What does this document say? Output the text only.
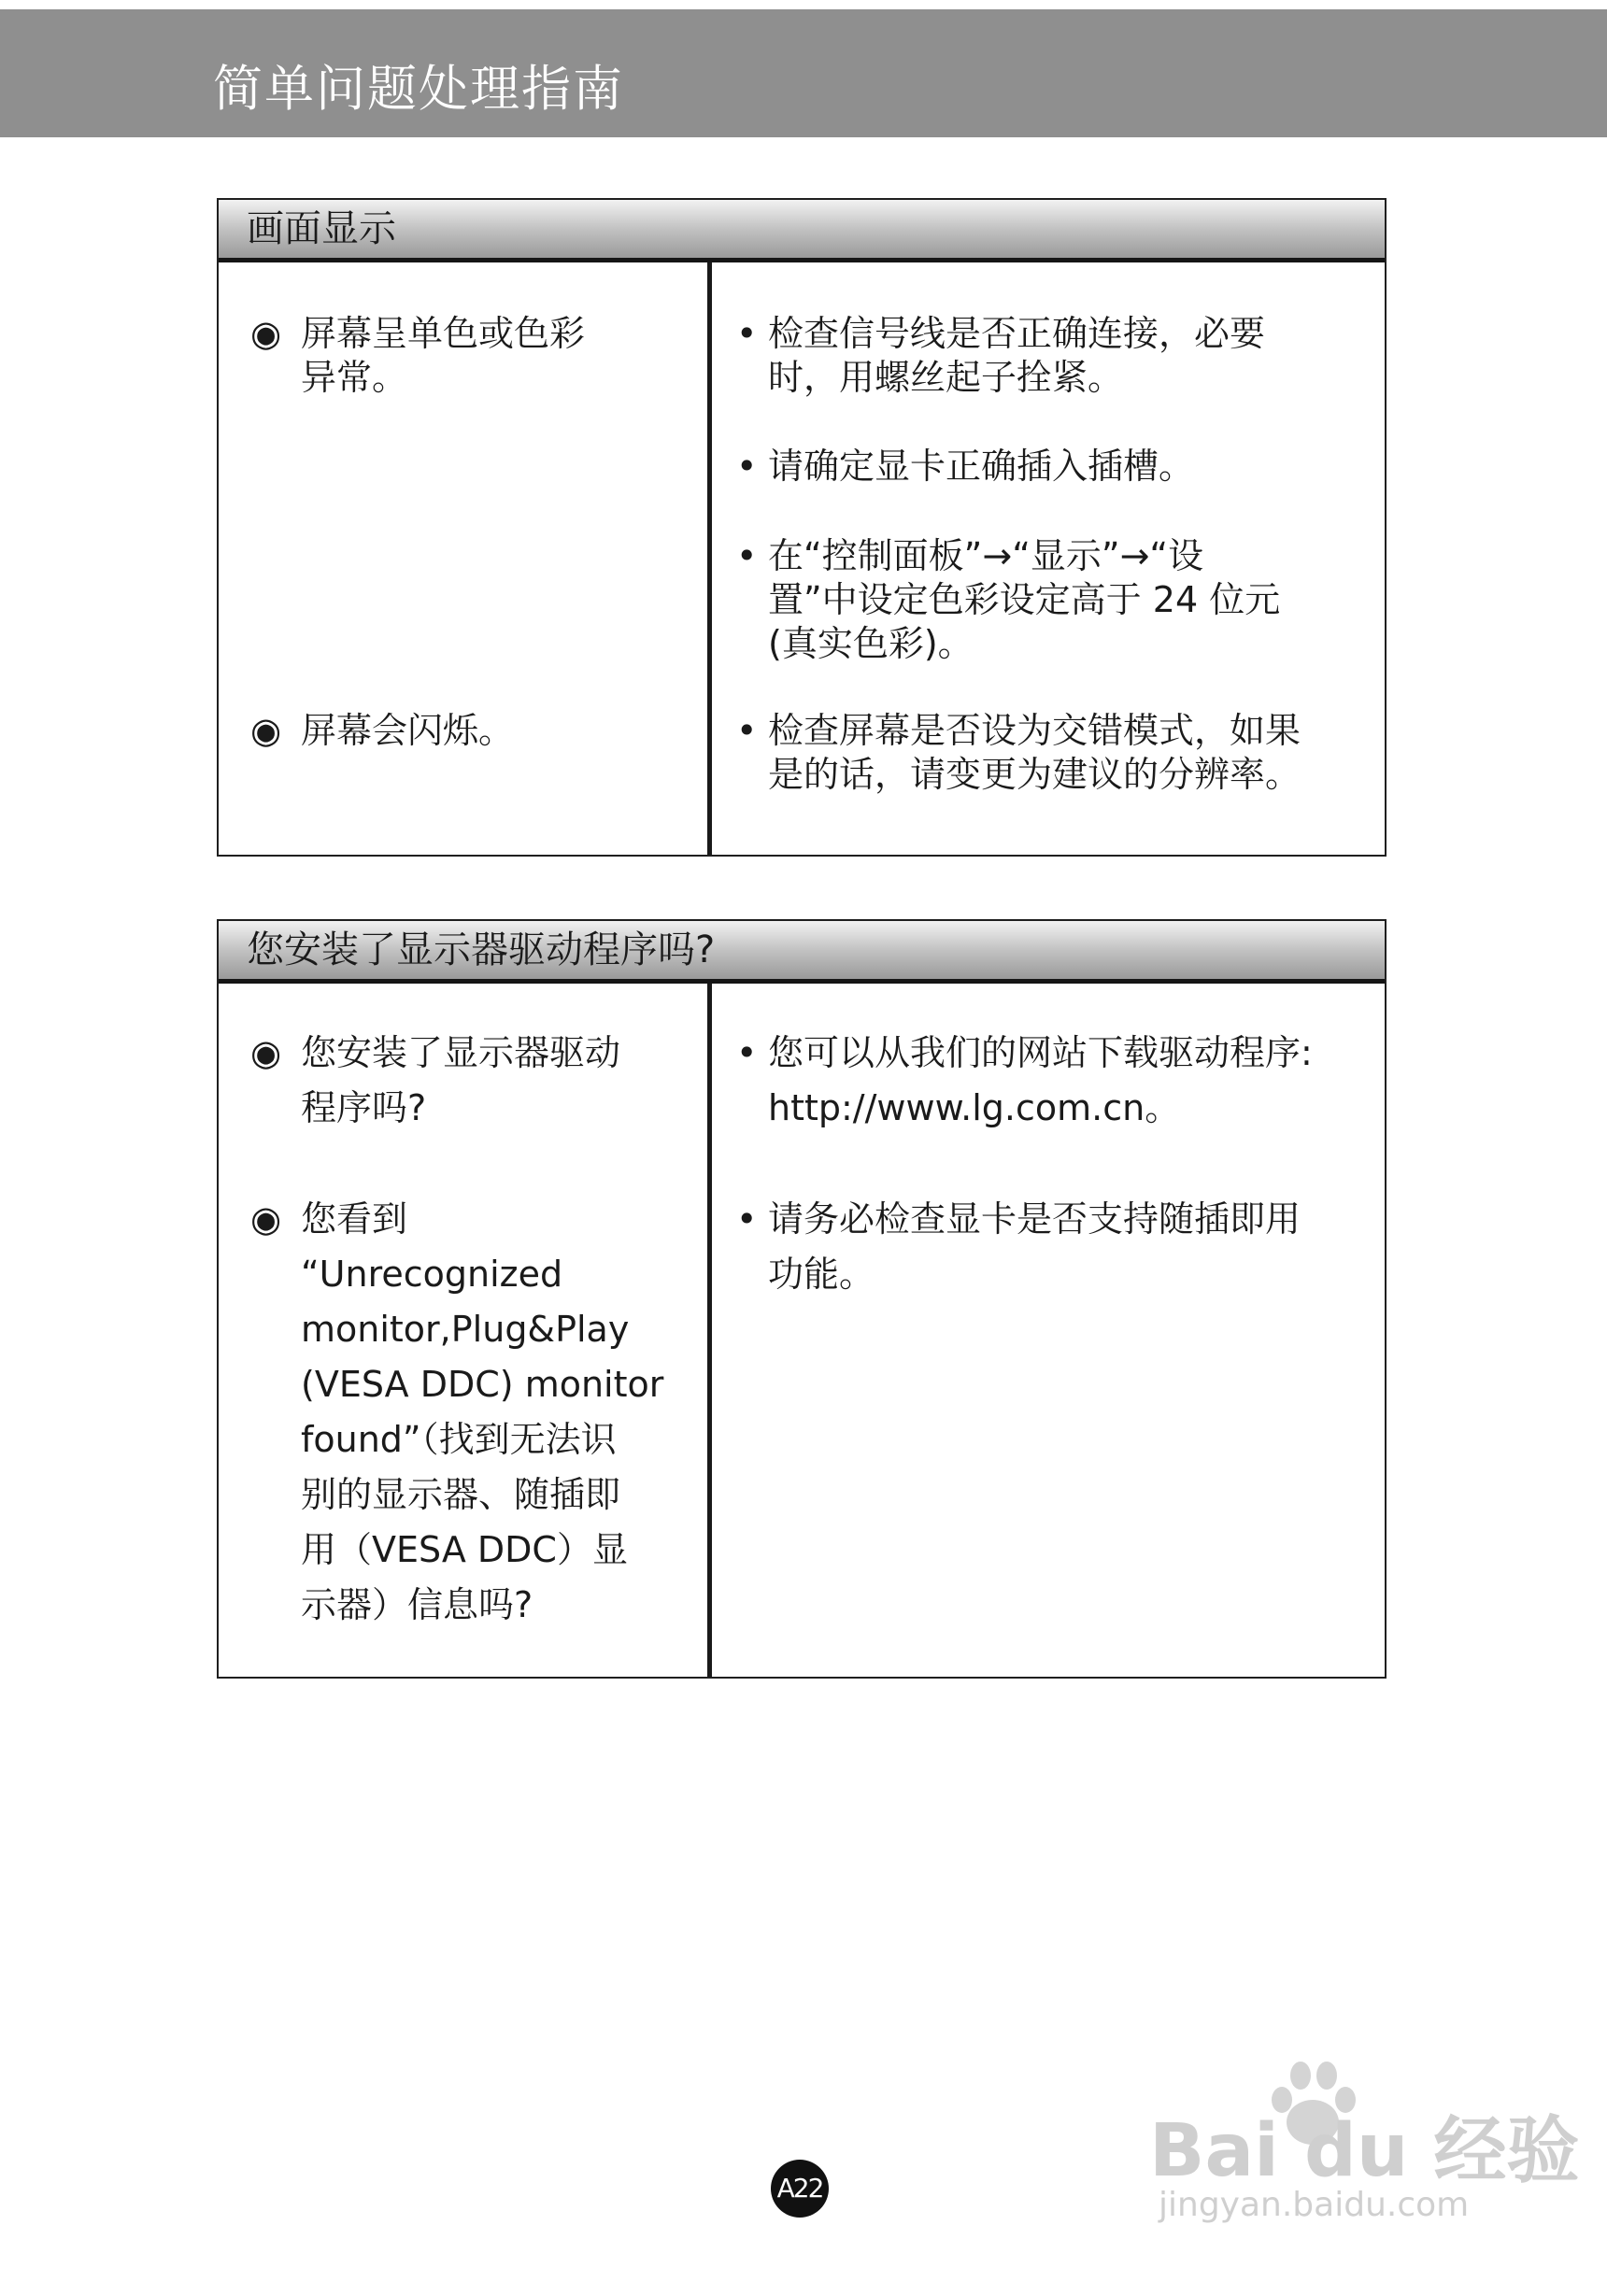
简单问题处理指南
画面显示
◉ 屏幕呈单色或色彩
异常。
◉ 屏幕会闪烁。
• 检查信号线是否正确连接，必要
时，用螺丝起子拴紧。
• 请确定显卡正确插入插槽。
• 在“控制面板”→“显示”→“设
置”中设定色彩设定高于 24 位元
(真实色彩)。
• 检查屏幕是否设为交错模式，如果
是的话，请变更为建议的分辨率。
您安装了显示器驱动程序吗?
◉ 您安装了显示器驱动
程序吗?
◉ 您看到
“Unrecognized
monitor,Plug&Play
(VESA DDC) monitor
found”（找到无法识
别的显示器、随插即
用（VESA DDC）显
示器）信息吗?
• 您可以从我们的网站下载驱动程序:
http://www.lg.com.cn。
• 请务必检查显卡是否支持随插即用
功能。
A22	Bai du 经验
jingyan.baidu.com
